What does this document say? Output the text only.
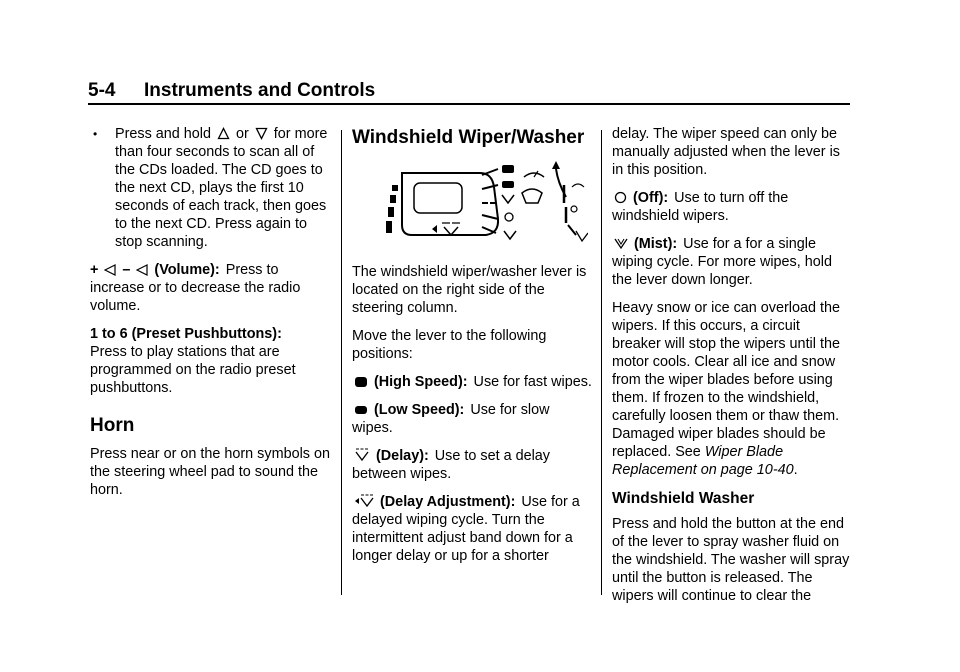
5-4 Instruments and Controls
• Press and hold or for more than four seconds to scan all of the CDs loaded. The CD goes to the next CD, plays the first 10 seconds of each track, then goes to the next CD. Press again to stop scanning.

+ – (Volume): Press to increase or to decrease the radio volume.

1 to 6 (Preset Pushbuttons):
Press to play stations that are programmed on the radio preset pushbuttons.

Horn

Press near or on the horn symbols on the steering wheel pad to sound the horn.

Windshield Wiper/Washer

The windshield wiper/washer lever is located on the right side of the steering column.

Move the lever to the following positions:

(High Speed): Use for fast wipes.

(Low Speed): Use for slow wipes.

(Delay): Use to set a delay between wipes.

(Delay Adjustment): Use for a delayed wiping cycle. Turn the intermittent adjust band down for a longer delay or up for a shorter

delay. The wiper speed can only be manually adjusted when the lever is in this position.

(Off): Use to turn off the windshield wipers.

(Mist): Use for a for a single wiping cycle. For more wipes, hold the lever down longer.

Heavy snow or ice can overload the wipers. If this occurs, a circuit breaker will stop the wipers until the motor cools. Clear all ice and snow from the wiper blades before using them. If frozen to the windshield, carefully loosen them or thaw them. Damaged wiper blades should be replaced. See Wiper Blade Replacement on page 10-40.

Windshield Washer

Press and hold the button at the end of the lever to spray washer fluid on the windshield. The washer will spray until the button is released. The wipers will continue to clear the
